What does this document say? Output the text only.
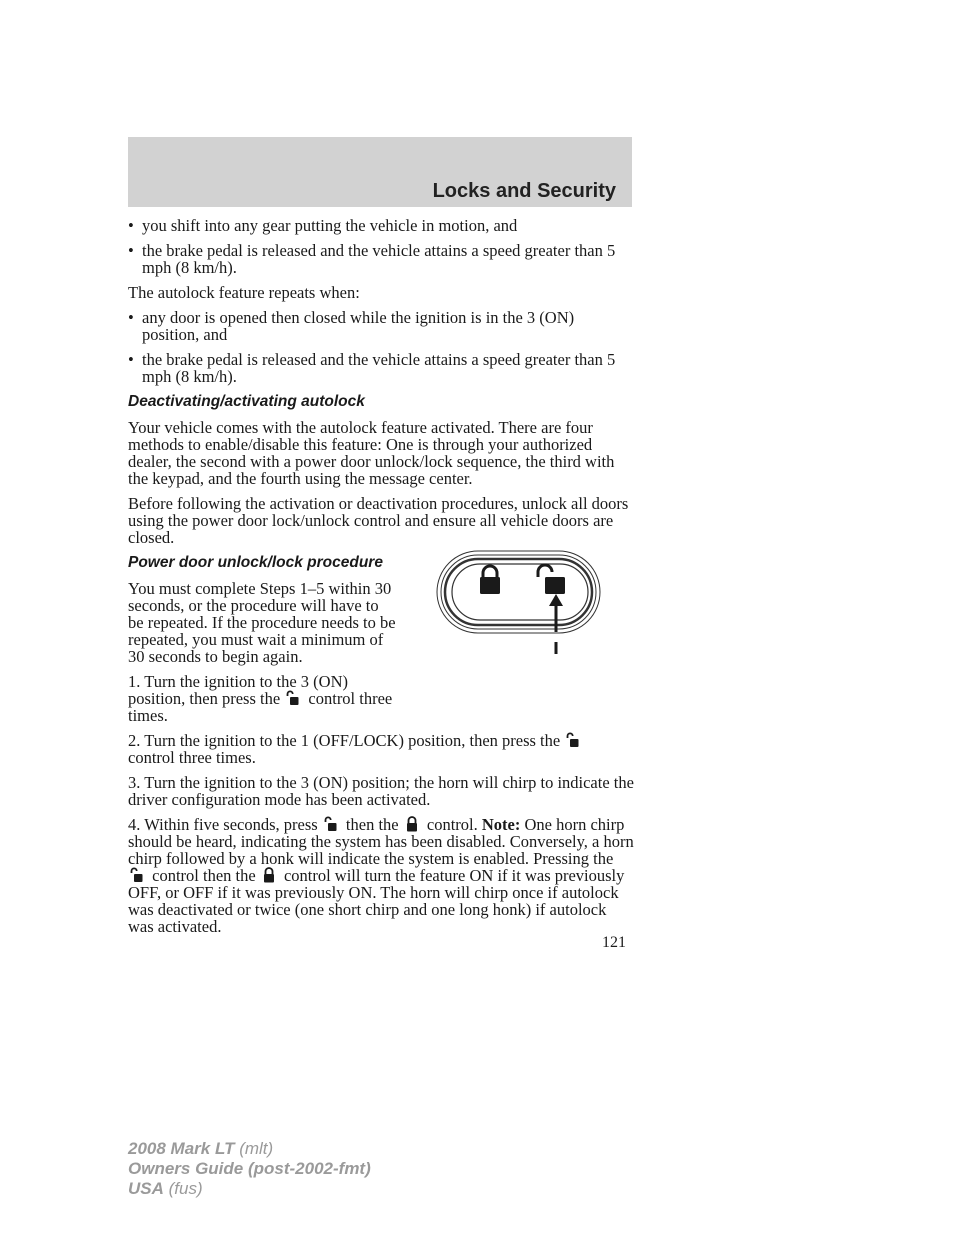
Locks and Security
• you shift into any gear putting the vehicle in motion, and
• the brake pedal is released and the vehicle attains a speed greater than 5 mph (8 km/h).

The autolock feature repeats when:

• any door is opened then closed while the ignition is in the 3 (ON) position, and
• the brake pedal is released and the vehicle attains a speed greater than 5 mph (8 km/h).
Deactivating/activating autolock

Your vehicle comes with the autolock feature activated. There are four methods to enable/disable this feature: One is through your authorized dealer, the second with a power door unlock/lock sequence, the third with the keypad, and the fourth using the message center.

Before following the activation or deactivation procedures, unlock all doors using the power door lock/unlock control and ensure all vehicle doors are closed.

Power door unlock/lock procedure

You must complete Steps 1–5 within 30 seconds, or the procedure will have to be repeated. If the procedure needs to be repeated, you must wait a minimum of 30 seconds to begin again.

1. Turn the ignition to the 3 (ON) position, then press the control three times.

2. Turn the ignition to the 1 (OFF/LOCK) position, then press the  control three times.

3. Turn the ignition to the 3 (ON) position; the horn will chirp to indicate the driver configuration mode has been activated.

4. Within five seconds, press then the control. Note: One horn chirp should be heard, indicating the system has been disabled. Conversely, a horn chirp followed by a honk will indicate the system is enabled. Pressing the  control then the control will turn the feature ON if it was previously OFF, or OFF if it was previously ON. The horn will chirp once if autolock was deactivated or twice (one short chirp and one long honk) if autolock was activated.

121
2008 Mark LT (mlt)
Owners Guide (post-2002-fmt)
USA (fus)
